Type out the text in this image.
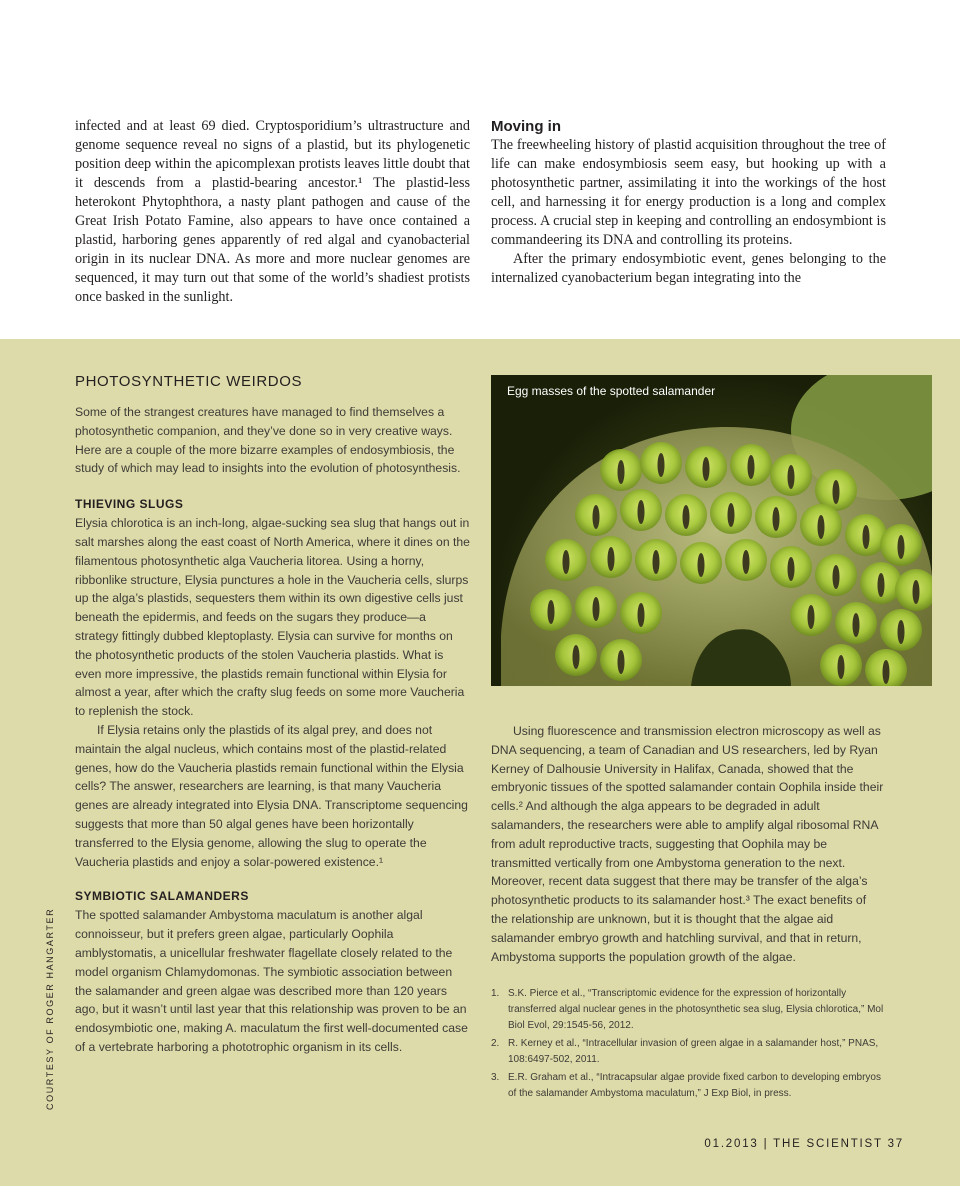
infected and at least 69 died. Cryptosporidium’s ultrastructure and genome sequence reveal no signs of a plastid, but its phylogenetic position deep within the apicomplexan protists leaves little doubt that it descends from a plastid-bearing ancestor.¹ The plastid-less heterokont Phytophthora, a nasty plant pathogen and cause of the Great Irish Potato Famine, also appears to have once contained a plastid, harboring genes apparently of red algal and cyanobacterial origin in its nuclear DNA. As more and more nuclear genomes are sequenced, it may turn out that some of the world’s shadiest protists once basked in the sunlight.

Moving in

The freewheeling history of plastid acquisition throughout the tree of life can make endosymbiosis seem easy, but hooking up with a photosynthetic partner, assimilating it into the workings of the host cell, and harnessing it for energy production is a long and complex process. A crucial step in keeping and controlling an endosymbiont is commandeering its DNA and controlling its proteins.

After the primary endosymbiotic event, genes belonging to the internalized cyanobacterium began integrating into the

PHOTOSYNTHETIC WEIRDOS

Some of the strangest creatures have managed to find themselves a photosynthetic companion, and they’ve done so in very creative ways. Here are a couple of the more bizarre examples of endosymbiosis, the study of which may lead to insights into the evolution of photosynthesis.

THIEVING SLUGS

Elysia chlorotica is an inch-long, algae-sucking sea slug that hangs out in salt marshes along the east coast of North America, where it dines on the filamentous photosynthetic alga Vaucheria litorea. Using a horny, ribbonlike structure, Elysia punctures a hole in the Vaucheria cells, slurps up the alga’s plastids, sequesters them within its own digestive cells just beneath the epidermis, and feeds on the sugars they produce—a strategy fittingly dubbed kleptoplasty. Elysia can survive for months on the photosynthetic products of the stolen Vaucheria plastids. What is even more impressive, the plastids remain functional within Elysia for almost a year, after which the crafty slug feeds on some more Vaucheria to replenish the stock.

If Elysia retains only the plastids of its algal prey, and does not maintain the algal nucleus, which contains most of the plastid-related genes, how do the Vaucheria plastids remain functional within the Elysia cells? The answer, researchers are learning, is that many Vaucheria genes are already integrated into Elysia DNA. Transcriptome sequencing suggests that more than 50 algal genes have been horizontally transferred to the Elysia genome, allowing the slug to operate the Vaucheria plastids and enjoy a solar-powered existence.¹

SYMBIOTIC SALAMANDERS

The spotted salamander Ambystoma maculatum is another algal connoisseur, but it prefers green algae, particularly Oophila amblystomatis, a unicellular freshwater flagellate closely related to the model organism Chlamydomonas. The symbiotic association between the salamander and green algae was described more than 120 years ago, but it wasn’t until last year that this relationship was proven to be an endosymbiotic one, making A. maculatum the first well-documented case of a vertebrate harboring a phototrophic organism in its cells.

Using fluorescence and transmission electron microscopy as well as DNA sequencing, a team of Canadian and US researchers, led by Ryan Kerney of Dalhousie University in Halifax, Canada, showed that the embryonic tissues of the spotted salamander contain Oophila inside their cells.² And although the alga appears to be degraded in adult salamanders, the researchers were able to amplify algal ribosomal RNA from adult reproductive tracts, suggesting that Oophila may be transmitted vertically from one Ambystoma generation to the next. Moreover, recent data suggest that there may be transfer of the alga’s photosynthetic products to its salamander host.³ The exact benefits of the relationship are unknown, but it is thought that the algae aid salamander embryo growth and hatchling survival, and that in return, Ambystoma supports the population growth of the algae.

1. S.K. Pierce et al., “Transcriptomic evidence for the expression of horizontally transferred algal nuclear genes in the photosynthetic sea slug, Elysia chlorotica,” Mol Biol Evol, 29:1545-56, 2012.
2. R. Kerney et al., “Intracellular invasion of green algae in a salamander host,” PNAS, 108:6497-502, 2011.
3. E.R. Graham et al., “Intracapsular algae provide fixed carbon to developing embryos of the salamander Ambystoma maculatum,” J Exp Biol, in press.
Egg masses of the spotted salamander
COURTESY OF ROGER HANGARTER
01.2013 | THE SCIENTIST 37
